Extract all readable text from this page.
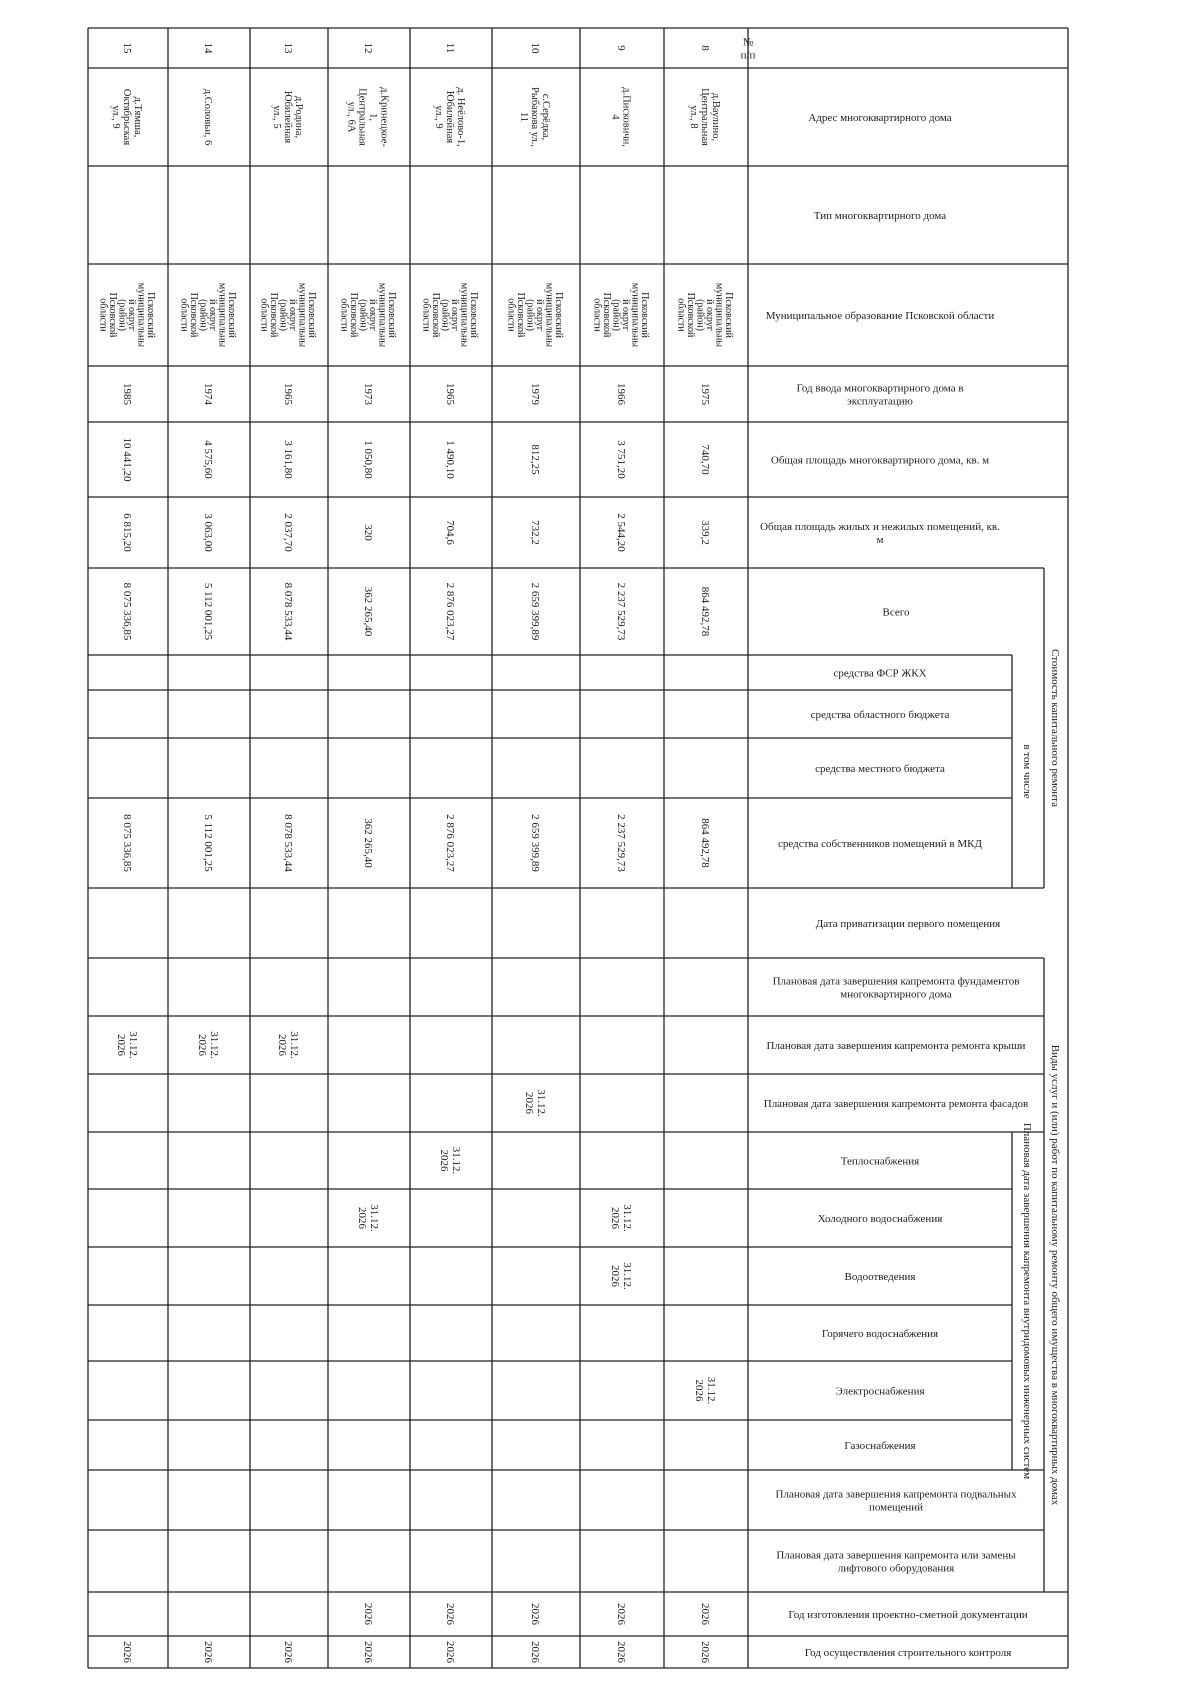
№ п/п
Адрес многоквартирного дома
Тип многоквартирного дома
Муниципальное образование Псковской области
Год ввода многоквартирного дома в эксплуатацию
Общая площадь многоквартирного дома, кв. м
Общая площадь жилых и нежилых помещений, кв. м
Всего
средства ФСР ЖКХ
средства областного бюджета
средства местного бюджета
средства собственников помещений в МКД
Дата приватизации первого помещения
Плановая дата завершения капремонта фундаментов многоквартирного дома
Плановая дата завершения капремонта ремонта крыши
Плановая дата завершения капремонта ремонта фасадов
Теплоснабжения
Холодного водоснабжения
Водоотведения
Горячего водоснабжения
Электроснабжения
Газоснабжения
Плановая дата завершения капремонта подвальных помещений
Плановая дата завершения капремонта или замены лифтового оборудования
Год изготовления проектно-сметной документации
Год осуществления строительного контроля
Стоимость капитального ремонта
в том числе
Виды услуг и (или) работ по капитальному ремонту общего имущества в многоквартирных домах
Плановая дата завершения капремонта внутридомовых инженерных систем
8
д.Ваулино,Центральнаяул., 8
Псковскиймуниципальный округ(район)Псковскойобласти
1975
740,70
339,2
864 492,78
864 492,78
31.12.2026
2026
2026
9
д.Писковичи,4
Псковскиймуниципальный округ(район)Псковскойобласти
1966
3 751,20
2 544,20
2 237 529,73
2 237 529,73
31.12.2026
31.12.2026
2026
2026
10
с.Серёдка,Рыбакова ул.,11
Псковскиймуниципальный округ(район)Псковскойобласти
1979
812,25
732,2
2 659 399,89
2 659 399,89
31.12.2026
2026
2026
11
д. Неёлово-1,Юбилейнаяул., 9
Псковскиймуниципальный округ(район)Псковскойобласти
1965
1 490,10
704,6
2 876 023,27
2 876 023,27
31.12.2026
2026
2026
12
д.Кринецкое-1,Центральнаяул., 6А
Псковскиймуниципальный округ(район)Псковскойобласти
1973
1 050,80
320
362 265,40
362 265,40
31.12.2026
2026
2026
13
д.Родина,Юбилейнаяул., 5
Псковскиймуниципальный округ(район)Псковскойобласти
1965
3 161,80
2 037,70
8 078 533,44
8 078 533,44
31.12.2026
2026
14
д.Соловьи, 6
Псковскиймуниципальный округ(район)Псковскойобласти
1974
4 575,60
3 063,00
5 112 001,25
5 112 001,25
31.12.2026
2026
15
д.Тямша,Октябрьскаяул., 9
Псковскиймуниципальный округ(район)Псковскойобласти
1985
10 441,20
6 815,20
8 075 336,85
8 075 336,85
31.12.2026
2026
